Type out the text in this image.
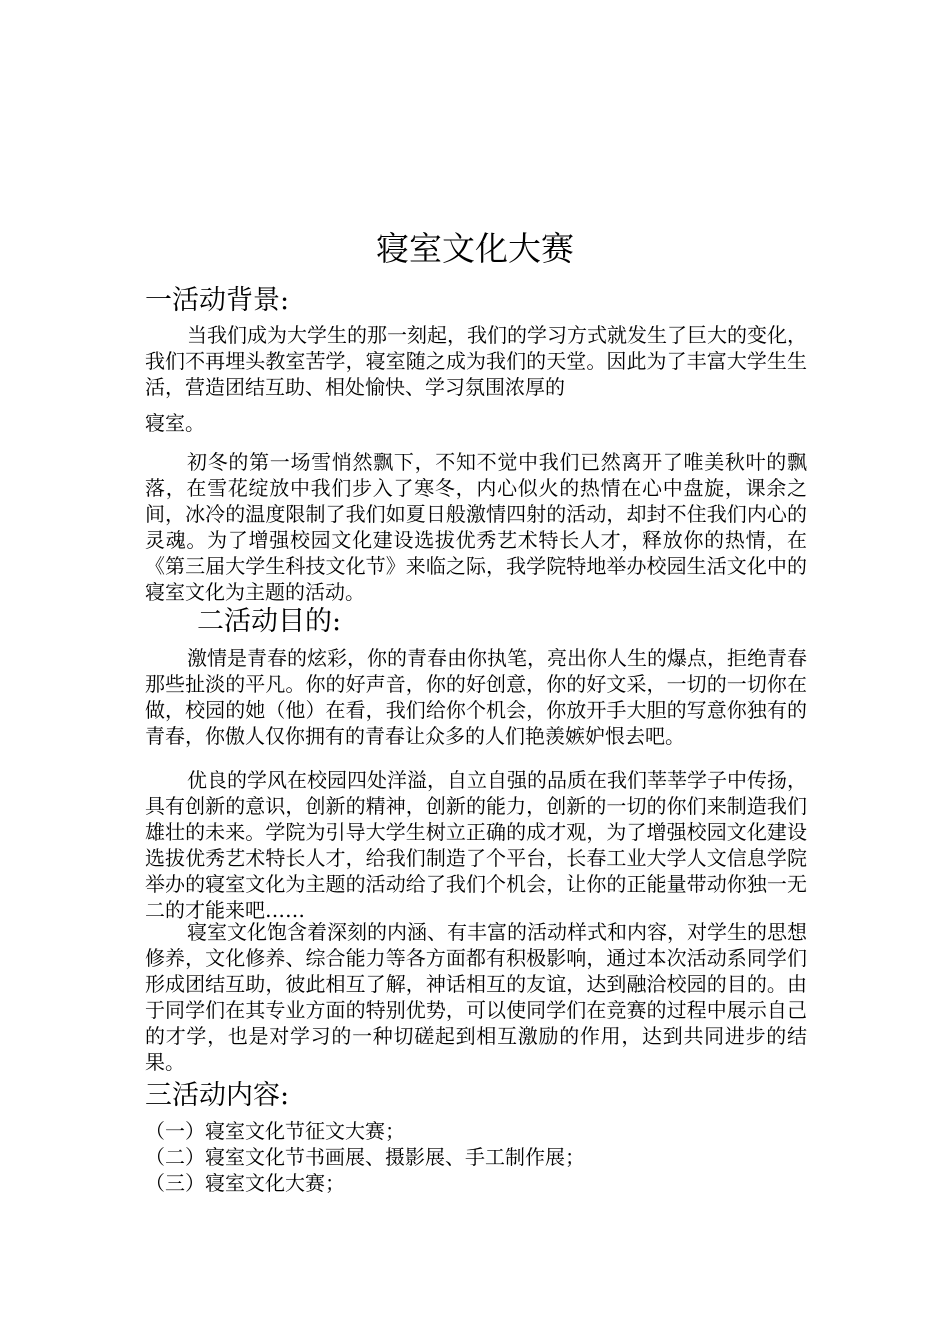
寝室文化大赛
一活动背景:
当我们成为大学生的那一刻起，我们的学习方式就发生了巨大的变化，我们不再埋头教室苦学，寝室随之成为我们的天堂。因此为了丰富大学生生活，营造团结互助、相处愉快、学习氛围浓厚的
寝室。
初冬的第一场雪悄然飘下，不知不觉中我们已然离开了唯美秋叶的飘落，在雪花绽放中我们步入了寒冬，内心似火的热情在心中盘旋，课余之间，冰冷的温度限制了我们如夏日般激情四射的活动，却封不住我们内心的灵魂。为了增强校园文化建设选拔优秀艺术特长人才，释放你的热情，在《第三届大学生科技文化节》来临之际，我学院特地举办校园生活文化中的寝室文化为主题的活动。
二活动目的:
激情是青春的炫彩，你的青春由你执笔，亮出你人生的爆点，拒绝青春那些扯淡的平凡。你的好声音，你的好创意，你的好文采，一切的一切你在做，校园的她（他）在看，我们给你个机会，你放开手大胆的写意你独有的青春，你傲人仅你拥有的青春让众多的人们艳羡嫉妒恨去吧。
优良的学风在校园四处洋溢，自立自强的品质在我们莘莘学子中传扬，具有创新的意识，创新的精神，创新的能力，创新的一切的你们来制造我们雄壮的未来。学院为引导大学生树立正确的成才观，为了增强校园文化建设选拔优秀艺术特长人才，给我们制造了个平台，长春工业大学人文信息学院举办的寝室文化为主题的活动给了我们个机会，让你的正能量带动你独一无二的才能来吧……
寝室文化饱含着深刻的内涵、有丰富的活动样式和内容，对学生的思想修养，文化修养、综合能力等各方面都有积极影响，通过本次活动系同学们形成团结互助，彼此相互了解，神话相互的友谊，达到融洽校园的目的。由于同学们在其专业方面的特别优势，可以使同学们在竞赛的过程中展示自己的才学，也是对学习的一种切磋起到相互激励的作用，达到共同进步的结果。
三活动内容:
（一）寝室文化节征文大赛；
（二）寝室文化节书画展、摄影展、手工制作展；
（三）寝室文化大赛；
